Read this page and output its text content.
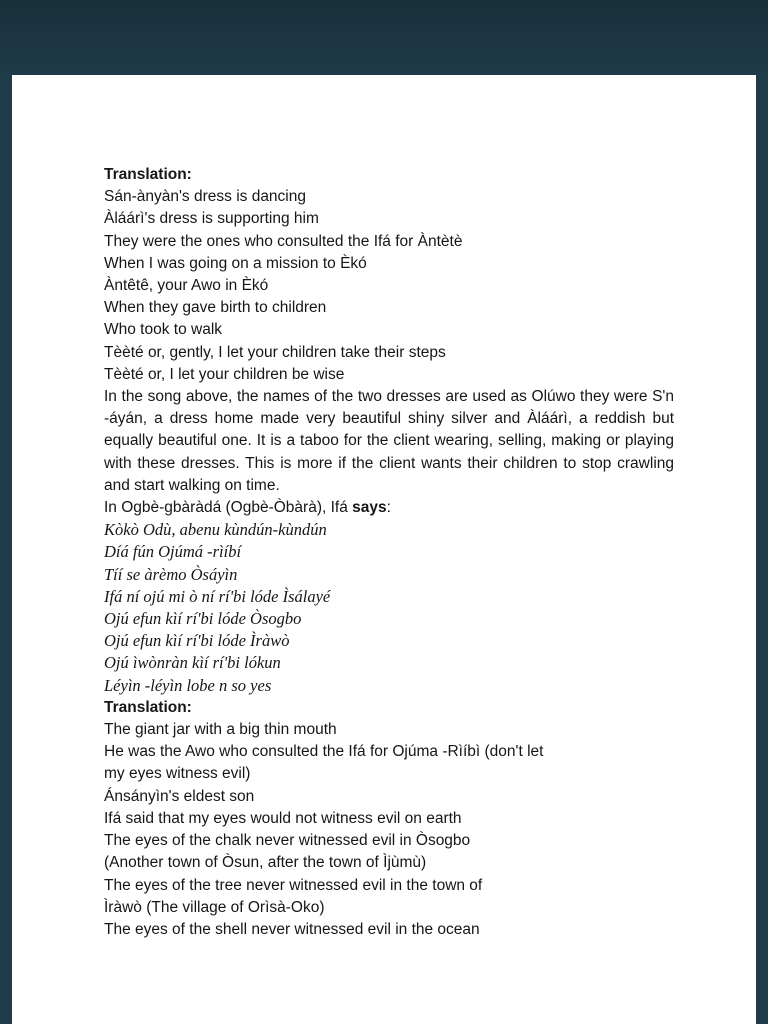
Translation:
Sán-ànyàn's dress is dancing
Àláárì's dress is supporting him
They were the ones who consulted the Ifá for Àntètè
When I was going on a mission to Èkó
Àntêtê, your Awo in Èkó
When they gave birth to children
Who took to walk
Tèèté or, gently, I let your children take their steps
Tèèté or, I let your children be wise
In the song above, the names of the two dresses are used as Olúwo they were S'n -áyán, a dress home made very beautiful shiny silver and Àláárì, a reddish but equally beautiful one. It is a taboo for the client wearing, selling, making or playing with these dresses. This is more if the client wants their children to stop crawling and start walking on time.
In Ogbè-gbàràdá (Ogbè-Òbàrà), Ifá says:
Kòkò Odù, abenu kùndún-kùndún
Díá fún Ojúmá -rìíbí
Tíí se àrèmo Òsáyìn
Ifá ní ojú mi ò ní rí'bi lóde Ìsálayé
Ojú efun kìí rí'bi lóde Òsogbo
Ojú efun kìí rí'bi lóde Ìràwò
Ojú ìwònràn kìí rí'bi lókun
Léyìn -léyìn lobe n so yes
Translation:
The giant jar with a big thin mouth
He was the Awo who consulted the Ifá for Ojúma -Rìíbì (don't let
my eyes witness evil)
Ánsányìn's eldest son
Ifá said that my eyes would not witness evil on earth
The eyes of the chalk never witnessed evil in Òsogbo
(Another town of Òsun, after the town of Ìjùmù)
The eyes of the tree never witnessed evil in the town of
Ìràwò (The village of Orìsà-Oko)
The eyes of the shell never witnessed evil in the ocean
